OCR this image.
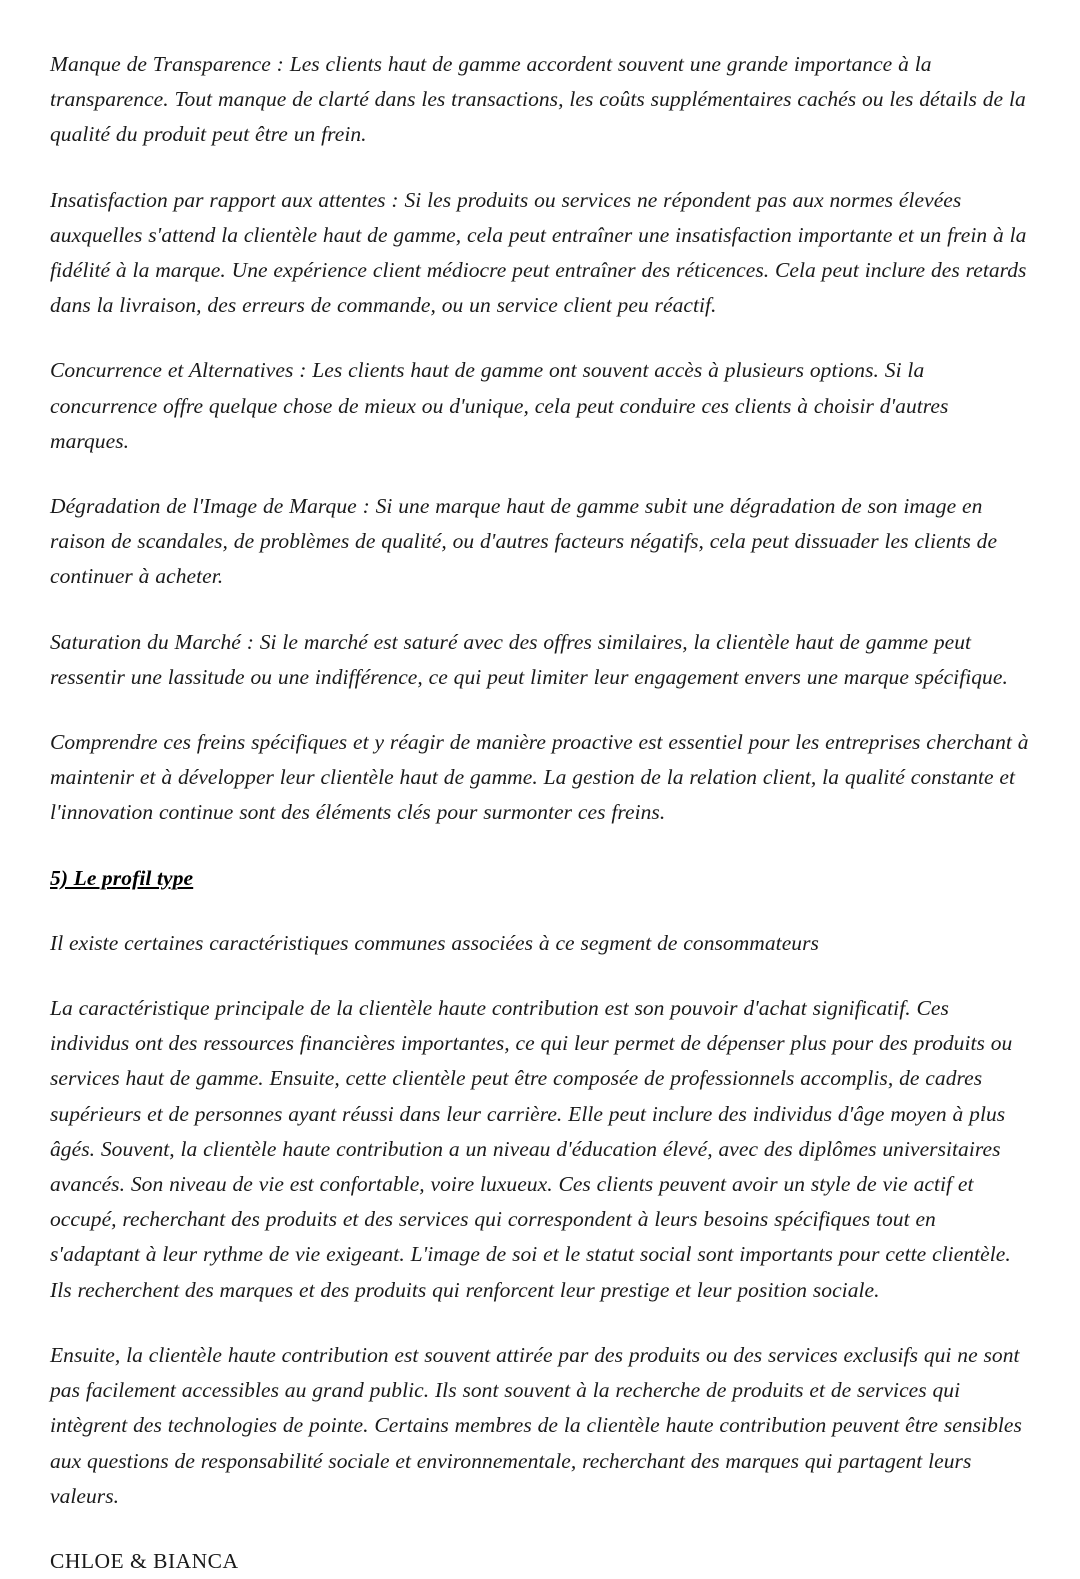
Manque de Transparence : Les clients haut de gamme accordent souvent une grande importance à la transparence. Tout manque de clarté dans les transactions, les coûts supplémentaires cachés ou les détails de la qualité du produit peut être un frein.

Insatisfaction par rapport aux attentes : Si les produits ou services ne répondent pas aux normes élevées auxquelles s'attend la clientèle haut de gamme, cela peut entraîner une insatisfaction importante et un frein à la fidélité à la marque. Une expérience client médiocre peut entraîner des réticences. Cela peut inclure des retards dans la livraison, des erreurs de commande, ou un service client peu réactif.

Concurrence et Alternatives : Les clients haut de gamme ont souvent accès à plusieurs options. Si la concurrence offre quelque chose de mieux ou d'unique, cela peut conduire ces clients à choisir d'autres marques.

Dégradation de l'Image de Marque : Si une marque haut de gamme subit une dégradation de son image en raison de scandales, de problèmes de qualité, ou d'autres facteurs négatifs, cela peut dissuader les clients de continuer à acheter.

Saturation du Marché : Si le marché est saturé avec des offres similaires, la clientèle haut de gamme peut ressentir une lassitude ou une indifférence, ce qui peut limiter leur engagement envers une marque spécifique.

Comprendre ces freins spécifiques et y réagir de manière proactive est essentiel pour les entreprises cherchant à maintenir et à développer leur clientèle haut de gamme. La gestion de la relation client, la qualité constante et l'innovation continue sont des éléments clés pour surmonter ces freins.

5) Le profil type

Il existe certaines caractéristiques communes associées à ce segment de consommateurs

La caractéristique principale de la clientèle haute contribution est son pouvoir d'achat significatif. Ces individus ont des ressources financières importantes, ce qui leur permet de dépenser plus pour des produits ou services haut de gamme. Ensuite, cette clientèle peut être composée de professionnels accomplis, de cadres supérieurs et de personnes ayant réussi dans leur carrière. Elle peut inclure des individus d'âge moyen à plus âgés. Souvent, la clientèle haute contribution a un niveau d'éducation élevé, avec des diplômes universitaires avancés. Son niveau de vie est confortable, voire luxueux. Ces clients peuvent avoir un style de vie actif et occupé, recherchant des produits et des services qui correspondent à leurs besoins spécifiques tout en s'adaptant à leur rythme de vie exigeant. L'image de soi et le statut social sont importants pour cette clientèle. Ils recherchent des marques et des produits qui renforcent leur prestige et leur position sociale.

Ensuite, la clientèle haute contribution est souvent attirée par des produits ou des services exclusifs qui ne sont pas facilement accessibles au grand public. Ils sont souvent à la recherche de produits et de services qui intègrent des technologies de pointe. Certains membres de la clientèle haute contribution peuvent être sensibles aux questions de responsabilité sociale et environnementale, recherchant des marques qui partagent leurs valeurs.

CHLOE & BIANCA
